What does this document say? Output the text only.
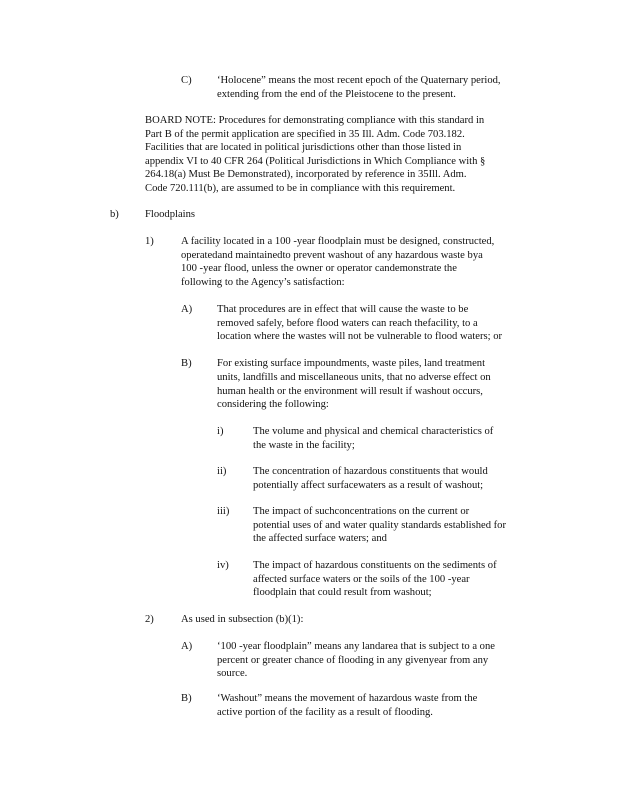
C) ‘Holocene” means the most recent epoch of the Quaternary period,
extending from the end of the Pleistocene to the present.
BOARD NOTE: Procedures for demonstrating compliance with this standard in
Part B of the permit application are specified in 35 Ill. Adm. Code 703.182.
Facilities that are located in political jurisdictions other than those listed in
appendix VI to 40 CFR 264 (Political Jurisdictions in Which Compliance with §
264.18(a) Must Be Demonstrated), incorporated by reference in 35Ill. Adm.
Code 720.111(b), are assumed to be in compliance with this requirement.
b) Floodplains
1)	A facility located in a 100 -year floodplain must be designed, constructed,
operatedand maintainedto prevent washout of any hazardous waste bya
100 -year flood, unless the owner or operator candemonstrate the
following to the Agency’s satisfaction:
A) That procedures are in effect that will cause the waste to be
removed safely, before flood waters can reach thefacility, to a
location where the wastes will not be vulnerable to flood waters; or
B) For existing surface impoundments, waste piles, land treatment
units, landfills and miscellaneous units, that no adverse effect on
human health or the environment will result if washout occurs,
considering the following:
i)	The volume and physical and chemical characteristics of
the waste in the facility;
ii)	The concentration of hazardous constituents that would
potentially affect surfacewaters as a result of washout;
iii) The impact of suchconcentrations on the current or
potential uses of and water quality standards established for
the affected surface waters; and
iv) The impact of hazardous constituents on the sediments of
affected surface waters or the soils of the 100 -year
floodplain that could result from washout;
2)	As used in subsection (b)(1):
A) ‘100 -year floodplain” means any landarea that is subject to a one
percent or greater chance of flooding in any givenyear from any
source.
B) ‘Washout” means the movement of hazardous waste from the
active portion of the facility as a result of flooding.
